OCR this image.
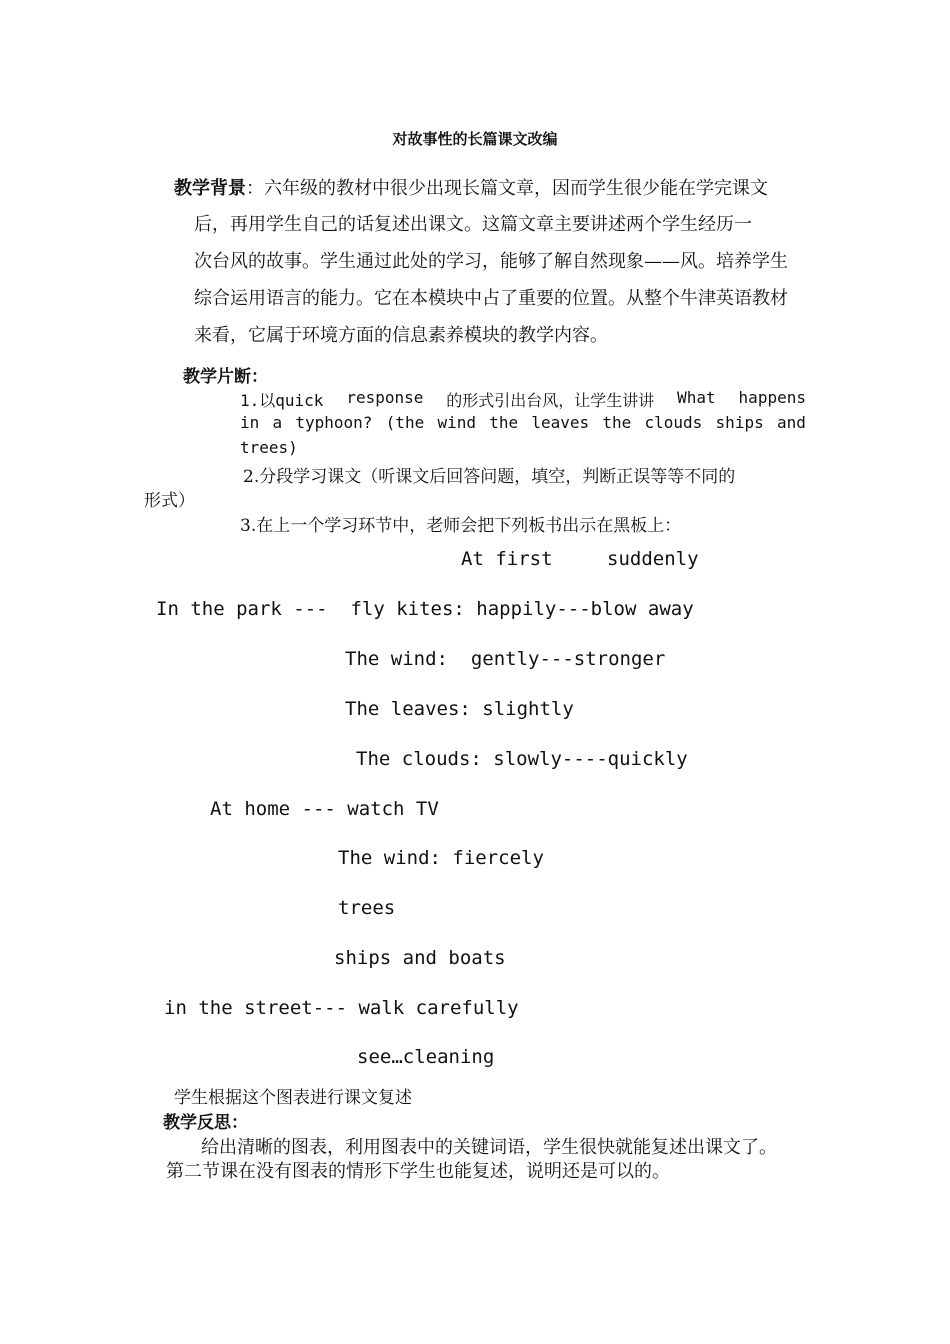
对故事性的长篇课文改编
教学背景：六年级的教材中很少出现长篇文章，因而学生很少能在学完课文
后，再用学生自己的话复述出课文。这篇文章主要讲述两个学生经历一
次台风的故事。学生通过此处的学习，能够了解自然现象——风。培养学生
综合运用语言的能力。它在本模块中占了重要的位置。从整个牛津英语教材
来看，它属于环境方面的信息素养模块的教学内容。
教学片断：
1.以quick response 的形式引出台风，让学生讲讲 What happens
in a typhoon? (the wind the leaves the clouds ships and
trees)
2.分段学习课文（听课文后回答问题，填空，判断正误等等不同的
形式）
3.在上一个学习环节中，老师会把下列板书出示在黑板上：
At first	suddenly
In the park ---  fly kites: happily---blow away
The wind:  gently---stronger
The leaves: slightly
The clouds: slowly----quickly
At home --- watch TV
The wind: fiercely
trees
ships and boats
in the street--- walk carefully
see…cleaning
学生根据这个图表进行课文复述
教学反思：
给出清晰的图表，利用图表中的关键词语，学生很快就能复述出课文了。
第二节课在没有图表的情形下学生也能复述，说明还是可以的。
